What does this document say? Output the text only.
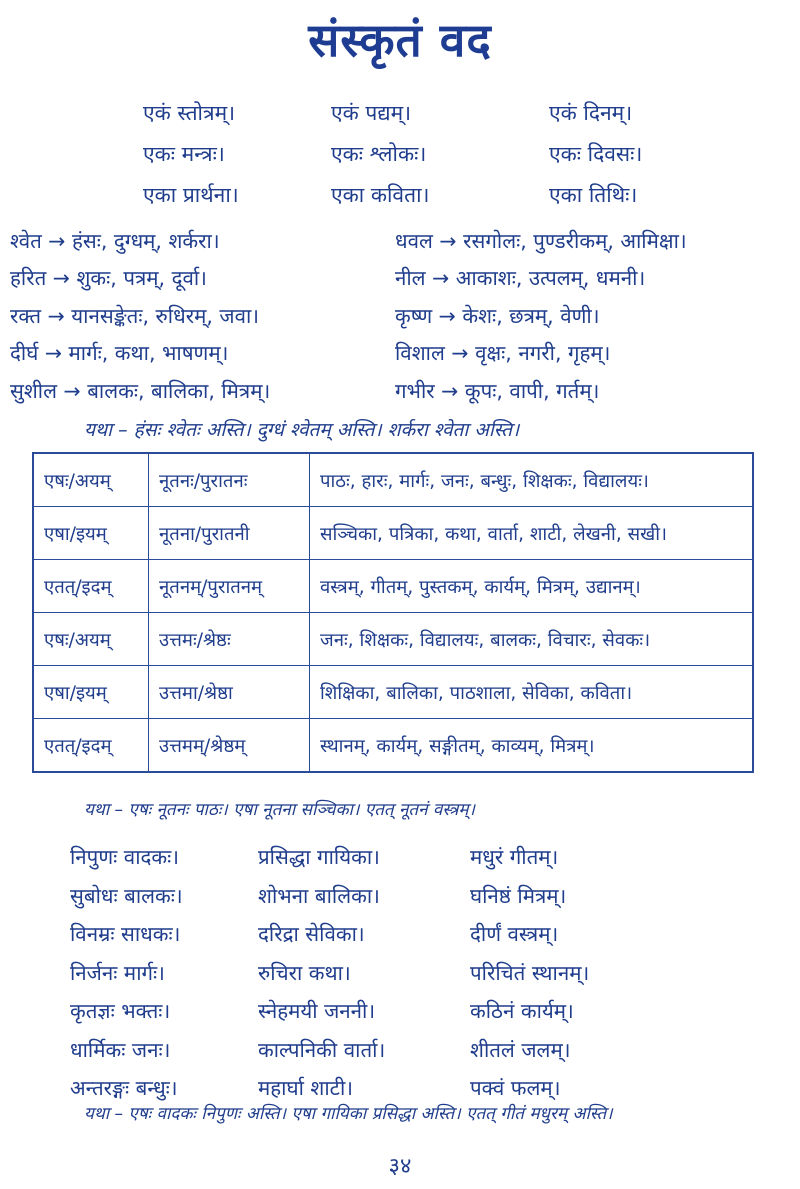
संस्कृतं वद
एकं स्तोत्रम्।	एकं पद्यम्।	एकं दिनम्।
एकः मन्त्रः।	एकः श्लोकः।	एकः दिवसः।
एका प्रार्थना।	एका कविता।	एका तिथिः।
श्वेत → हंसः, दुग्धम्, शर्करा।	धवल → रसगोलः, पुण्डरीकम्, आमिक्षा।
हरित → शुकः, पत्रम्, दूर्वा।	नील → आकाशः, उत्पलम्, धमनी।
रक्त → यानसङ्केतः, रुधिरम्, जवा।	कृष्ण → केशः, छत्रम्, वेणी।
दीर्घ → मार्गः, कथा, भाषणम्।	विशाल → वृक्षः, नगरी, गृहम्।
सुशील → बालकः, बालिका, मित्रम्।	गभीर → कूपः, वापी, गर्तम्।
यथा – हंसः श्वेतः अस्ति। दुग्धं श्वेतम् अस्ति। शर्करा श्वेता अस्ति।
एषः/अयम्	नूतनः/पुरातनः	पाठः, हारः, मार्गः, जनः, बन्धुः, शिक्षकः, विद्यालयः।
एषा/इयम्	नूतना/पुरातनी	सञ्चिका, पत्रिका, कथा, वार्ता, शाटी, लेखनी, सखी।
एतत्/इदम्	नूतनम्/पुरातनम्	वस्त्रम्, गीतम्, पुस्तकम्, कार्यम्, मित्रम्, उद्यानम्।
एषः/अयम्	उत्तमः/श्रेष्ठः	जनः, शिक्षकः, विद्यालयः, बालकः, विचारः, सेवकः।
एषा/इयम्	उत्तमा/श्रेष्ठा	शिक्षिका, बालिका, पाठशाला, सेविका, कविता।
एतत्/इदम्	उत्तमम्/श्रेष्ठम्	स्थानम्, कार्यम्, सङ्गीतम्, काव्यम्, मित्रम्।
यथा – एषः नूतनः पाठः। एषा नूतना सञ्चिका। एतत् नूतनं वस्त्रम्।
निपुणः वादकः।	प्रसिद्धा गायिका।	मधुरं गीतम्।
सुबोधः बालकः।	शोभना बालिका।	घनिष्ठं मित्रम्।
विनम्रः साधकः।	दरिद्रा सेविका।	दीर्णं वस्त्रम्।
निर्जनः मार्गः।	रुचिरा कथा।	परिचितं स्थानम्।
कृतज्ञः भक्तः।	स्नेहमयी जननी।	कठिनं कार्यम्।
धार्मिकः जनः।	काल्पनिकी वार्ता।	शीतलं जलम्।
अन्तरङ्गः बन्धुः।	महार्घा शाटी।	पक्वं फलम्।
यथा – एषः वादकः निपुणः अस्ति। एषा गायिका प्रसिद्धा अस्ति। एतत् गीतं मधुरम् अस्ति।
३४
